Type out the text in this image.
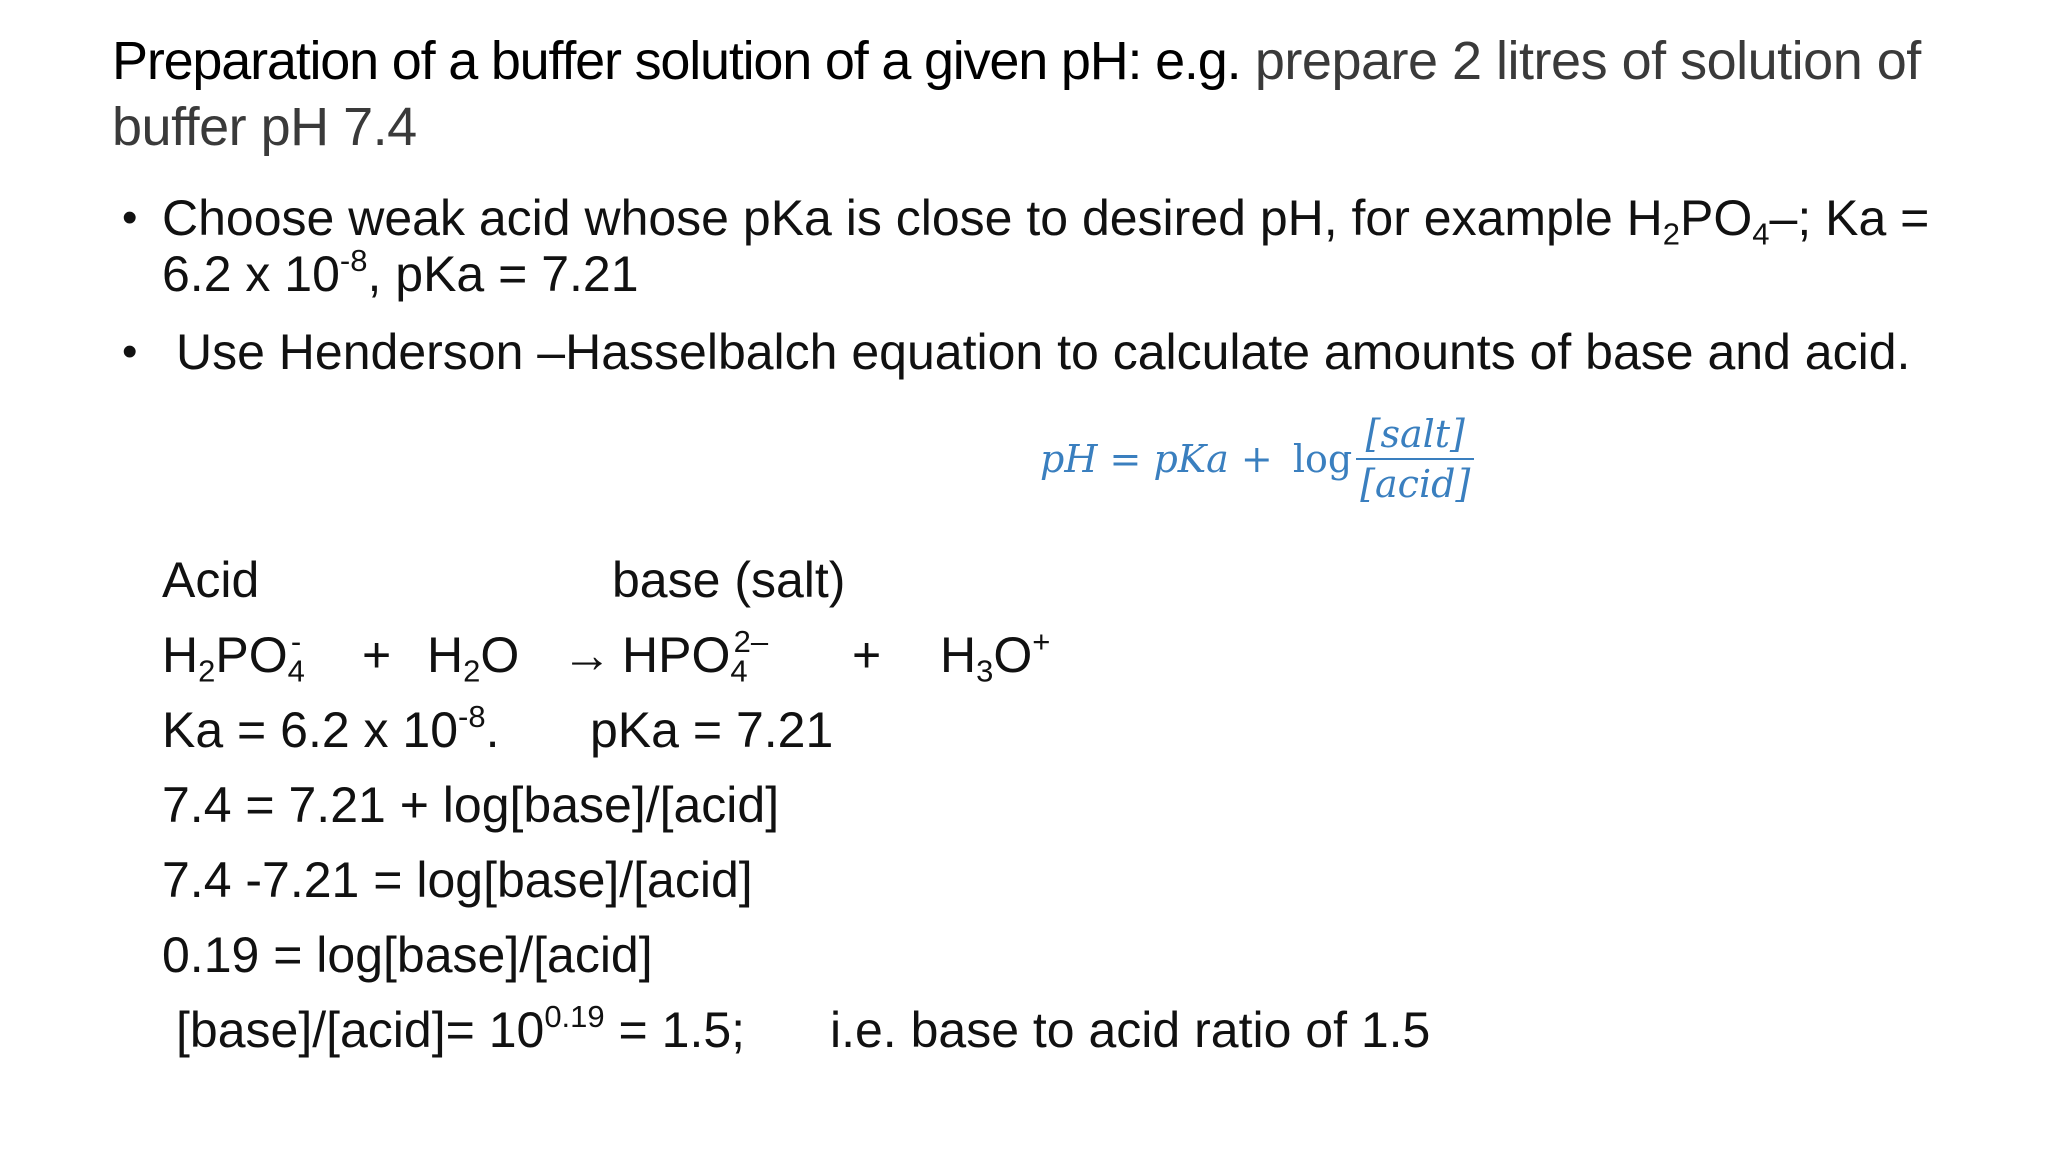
Preparation of a buffer solution of a given pH: e.g. prepare 2 litres of solution of buffer pH 7.4
• Choose weak acid whose pKa is close to desired pH, for example $H_2PO_4-$; Ka = 6.2 x $10^{-8}$, pKa = 7.21
• Use Henderson –Hasselbalch equation to calculate amounts of base and acid.
pH = pKa + $\log \frac{\text{[salt]}}{\text{[acid]}}$
Acid	base (salt)
$H_2PO_4^- + H_2O \to HPO_4^{2-} + H_3O^+$
Ka = 6.2 x $10^{-8}$. pKa = 7.21
7.4 = 7.21 + log[base]/[acid]
7.4 -7.21 = log[base]/[acid]
0.19 = log[base]/[acid]
[base]/[acid]= $10^{0.19} = 1.5$; i.e. base to acid ratio of 1.5
